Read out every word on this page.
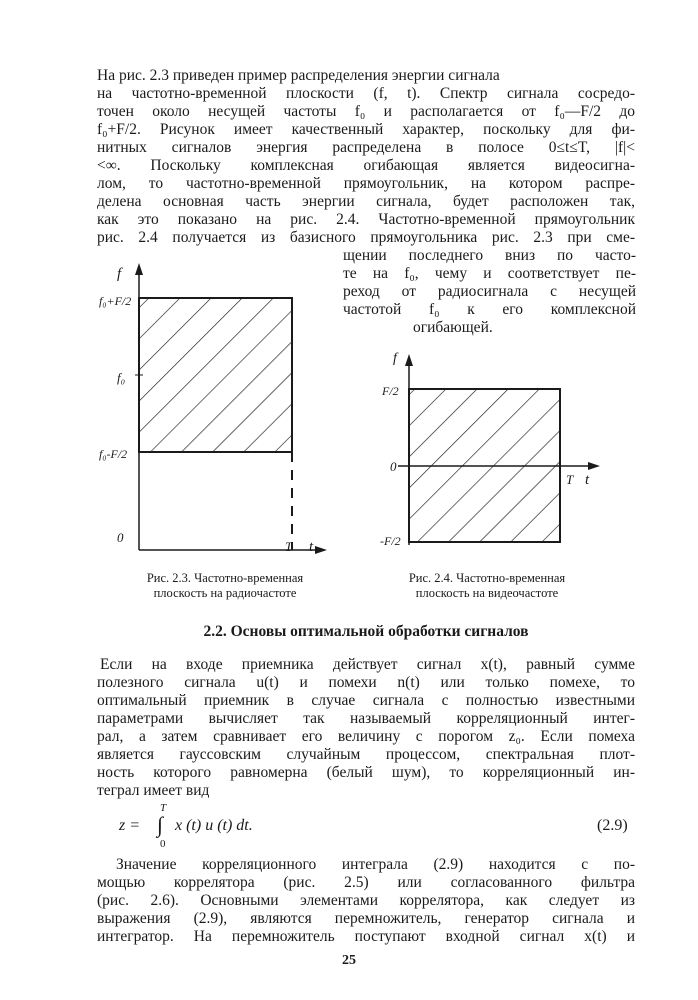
На рис. 2.3 приведен пример распределения энергии сигнала
на частотно-временной плоскости (f, t). Спектр сигнала сосредо-
точен около несущей частоты f₀ и располагается от f₀—F/2 до
f₀+F/2. Рисунок имеет качественный характер, поскольку для фи-
нитных сигналов энергия распределена в полосе 0≤t≤T, |f|<
<∞. Поскольку комплексная огибающая является видеосигна-
лом, то частотно-временной прямоугольник, на котором распре-
делена основная часть энергии сигнала, будет расположен так,
как это показано на рис. 2.4. Частотно-временной прямоугольник
рис. 2.4 получается из базисного прямоугольника рис. 2.3 при сме-
щении последнего вниз по часто-
те на f₀, чему и соответствует пе-
реход от радиосигнала с несущей
частотой f₀ к его комплексной
огибающей.
f
f₀+F/2
f₀
f₀-F/2
0
T t
Рис. 2.3. Частотно-временная
плоскость на радиочастоте
f
F/2
0
-F/2
T t
Рис. 2.4. Частотно-временная
плоскость на видеочастоте
2.2. Основы оптимальной обработки сигналов
Если на входе приемника действует сигнал x(t), равный сумме
полезного сигнала u(t) и помехи n(t) или только помехе, то
оптимальный приемник в случае сигнала с полностью известными
параметрами вычисляет так называемый корреляционный интег-
рал, а затем сравнивает его величину с порогом z₀. Если помеха
является гауссовским случайным процессом, спектральная плот-
ность которого равномерна (белый шум), то корреляционный ин-
теграл имеет вид
z =
T
∫
0
x (t) u (t) dt.	(2.9)
Значение корреляционного интеграла (2.9) находится с по-
мощью коррелятора (рис. 2.5) или согласованного фильтра
(рис. 2.6). Основными элементами коррелятора, как следует из
выражения (2.9), являются перемножитель, генератор сигнала и
интегратор. На перемножитель поступают входной сигнал x(t) и
25
